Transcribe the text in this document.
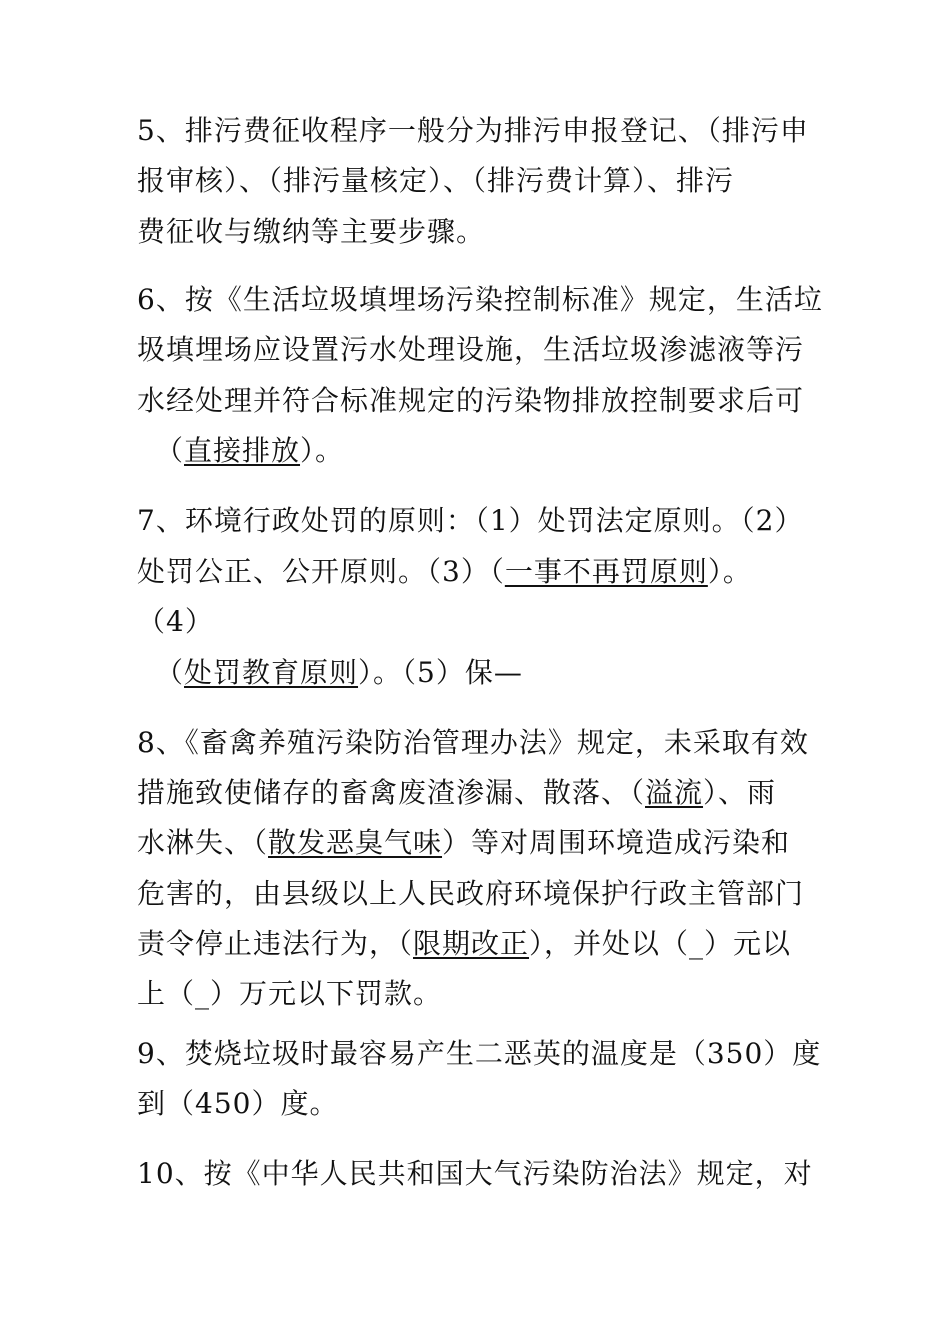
5、排污费征收程序一般分为排污申报登记、（排污申
报审核）、（排污量核定）、（排污费计算）、排污
费征收与缴纳等主要步骤。
6、按《生活垃圾填埋场污染控制标准》规定，生活垃
圾填埋场应设置污水处理设施，生活垃圾渗滤液等污
水经处理并符合标准规定的污染物排放控制要求后可
（直接排放）。
7、环境行政处罚的原则：（1）处罚法定原则。（2）
处罚公正、公开原则。（3）（一事不再罚原则）。
（4）
（处罚教育原则）。（5）保—
8、《畜禽养殖污染防治管理办法》规定，未采取有效
措施致使储存的畜禽废渣渗漏、散落、（溢流）、雨
水淋失、（散发恶臭气味）等对周围环境造成污染和
危害的，由县级以上人民政府环境保护行政主管部门
责令停止违法行为，（限期改正），并处以（_）元以
上（_）万元以下罚款。
9、焚烧垃圾时最容易产生二恶英的温度是（350）度
到（450）度。
10、按《中华人民共和国大气污染防治法》规定，对
